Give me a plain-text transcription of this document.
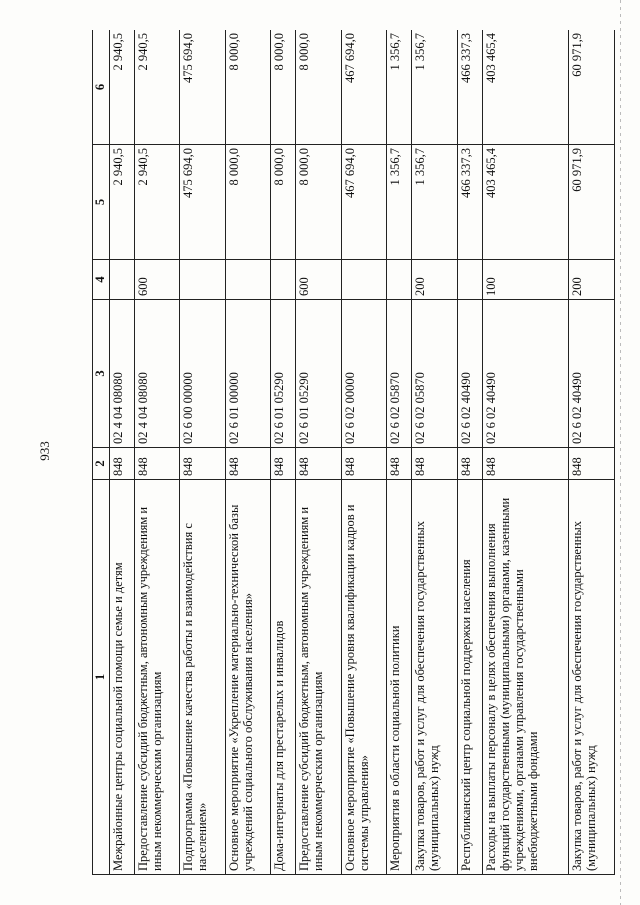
933
1	2	3	4	5	6
Межрайонные центры социальной помощи семье и детям	848	02 4 04 08080		2 940,5	2 940,5
Предоставление субсидий бюджетным, автономным учреждениям и иным некоммерческим организациям	848	02 4 04 08080	600	2 940,5	2 940,5
Подпрограмма «Повышение качества работы и взаимодействия с населением»	848	02 6 00 00000		475 694,0	475 694,0
Основное мероприятие «Укрепление материально-технической базы учреждений социального обслуживания населения»	848	02 6 01 00000		8 000,0	8 000,0
Дома-интернаты для престарелых и инвалидов	848	02 6 01 05290		8 000,0	8 000,0
Предоставление субсидий бюджетным, автономным учреждениям и иным некоммерческим организациям	848	02 6 01 05290	600	8 000,0	8 000,0
Основное мероприятие «Повышение уровня квалификации кадров и системы управления»	848	02 6 02 00000		467 694,0	467 694,0
Мероприятия в области социальной политики	848	02 6 02 05870		1 356,7	1 356,7
Закупка товаров, работ и услуг для обеспечения государственных (муниципальных) нужд	848	02 6 02 05870	200	1 356,7	1 356,7
Республиканский центр социальной поддержки населения	848	02 6 02 40490		466 337,3	466 337,3
Расходы на выплаты персоналу в целях обеспечения выполнения функций государственными (муниципальными) органами, казенными учреждениями, органами управления государственными внебюджетными фондами	848	02 6 02 40490	100	403 465,4	403 465,4
Закупка товаров, работ и услуг для обеспечения государственных (муниципальных) нужд	848	02 6 02 40490	200	60 971,9	60 971,9
